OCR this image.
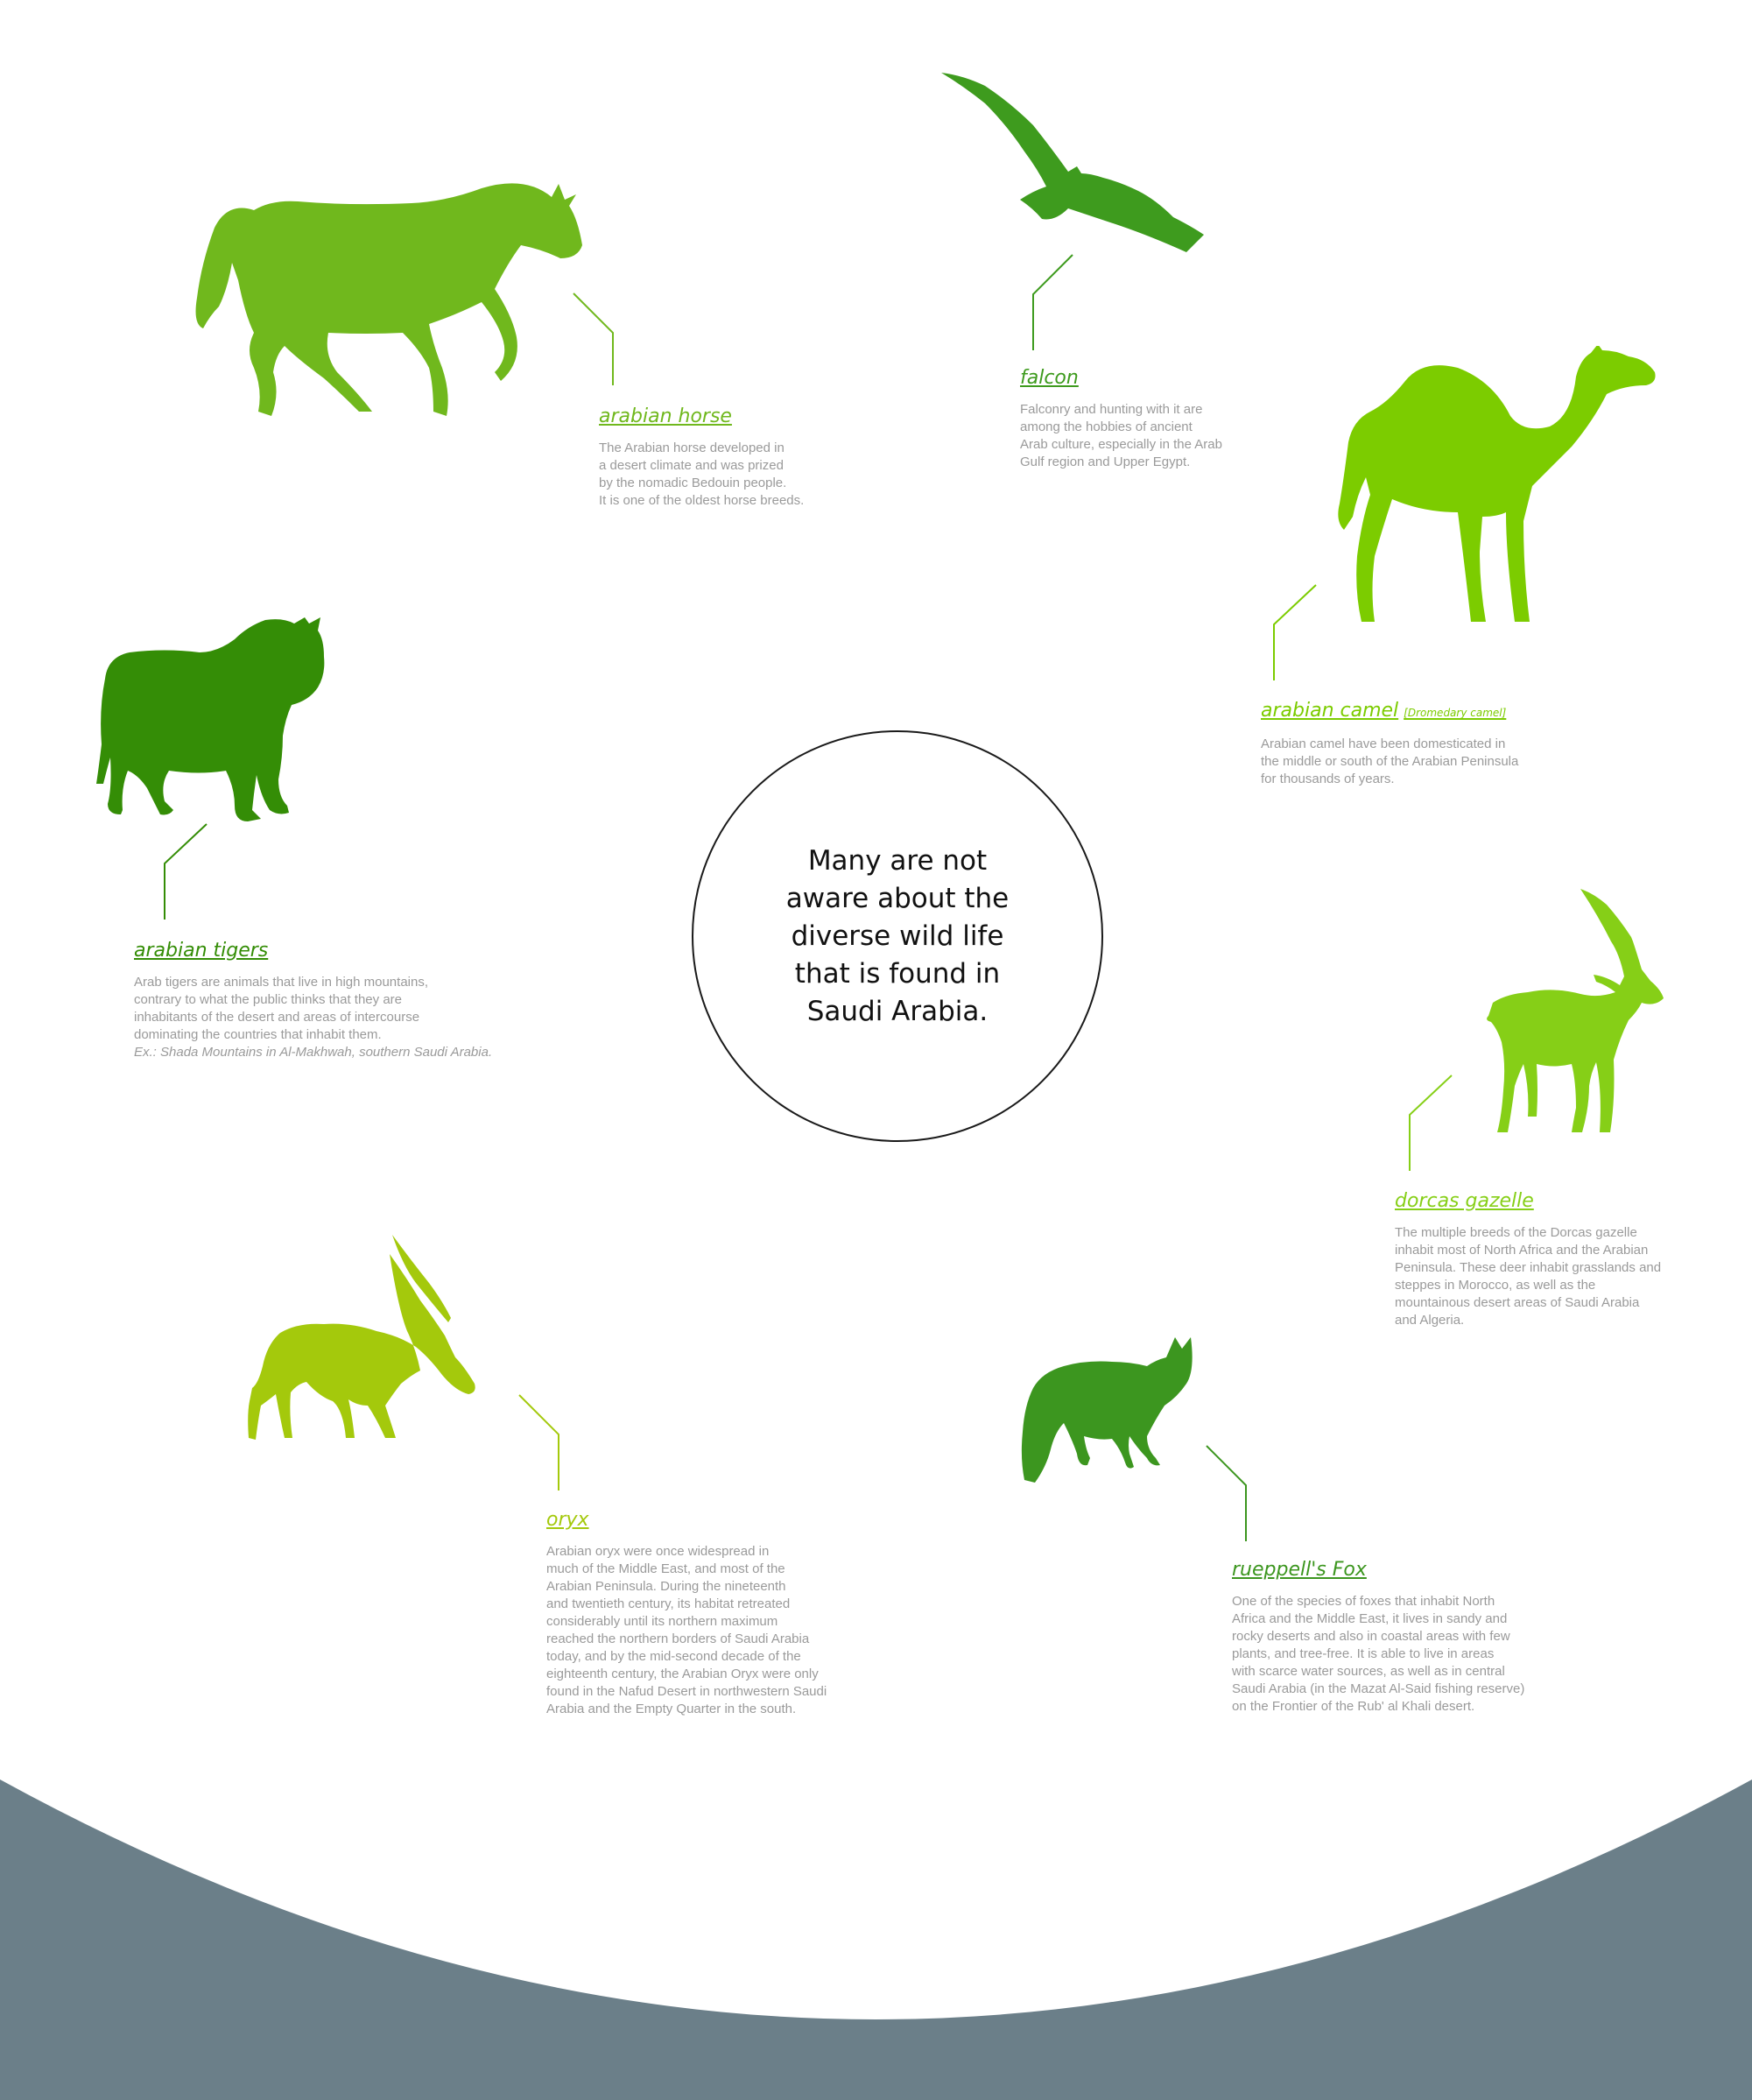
Many are not
aware about the
diverse wild life
that is found in
Saudi Arabia.
arabian horse
The Arabian horse developed in
a desert climate and was prized
by the nomadic Bedouin people.
It is one of the oldest horse breeds.
falcon
Falconry and hunting with it are
among the hobbies of ancient
Arab culture, especially in the Arab
Gulf region and Upper Egypt.
arabian camel [Dromedary camel]
Arabian camel have been domesticated in
the middle or south of the Arabian Peninsula
for thousands of years.
arabian tigers
Arab tigers are animals that live in high mountains,
contrary to what the public thinks that they are
inhabitants of the desert and areas of intercourse
dominating the countries that inhabit them.
Ex.: Shada Mountains in Al-Makhwah, southern Saudi Arabia.
dorcas gazelle
The multiple breeds of the Dorcas gazelle
inhabit most of North Africa and the Arabian
Peninsula. These deer inhabit grasslands and
steppes in Morocco, as well as the
mountainous desert areas of Saudi Arabia
and Algeria.
rueppell's Fox
One of the species of foxes that inhabit North
Africa and the Middle East, it lives in sandy and
rocky deserts and also in coastal areas with few
plants, and tree-free. It is able to live in areas
with scarce water sources, as well as in central
Saudi Arabia (in the Mazat Al-Said fishing reserve)
on the Frontier of the Rub' al Khali desert.
oryx
Arabian oryx were once widespread in
much of the Middle East, and most of the
Arabian Peninsula. During the nineteenth
and twentieth century, its habitat retreated
considerably until its northern maximum
reached the northern borders of Saudi Arabia
today, and by the mid-second decade of the
eighteenth century, the Arabian Oryx were only
found in the Nafud Desert in northwestern Saudi
Arabia and the Empty Quarter in the south.
